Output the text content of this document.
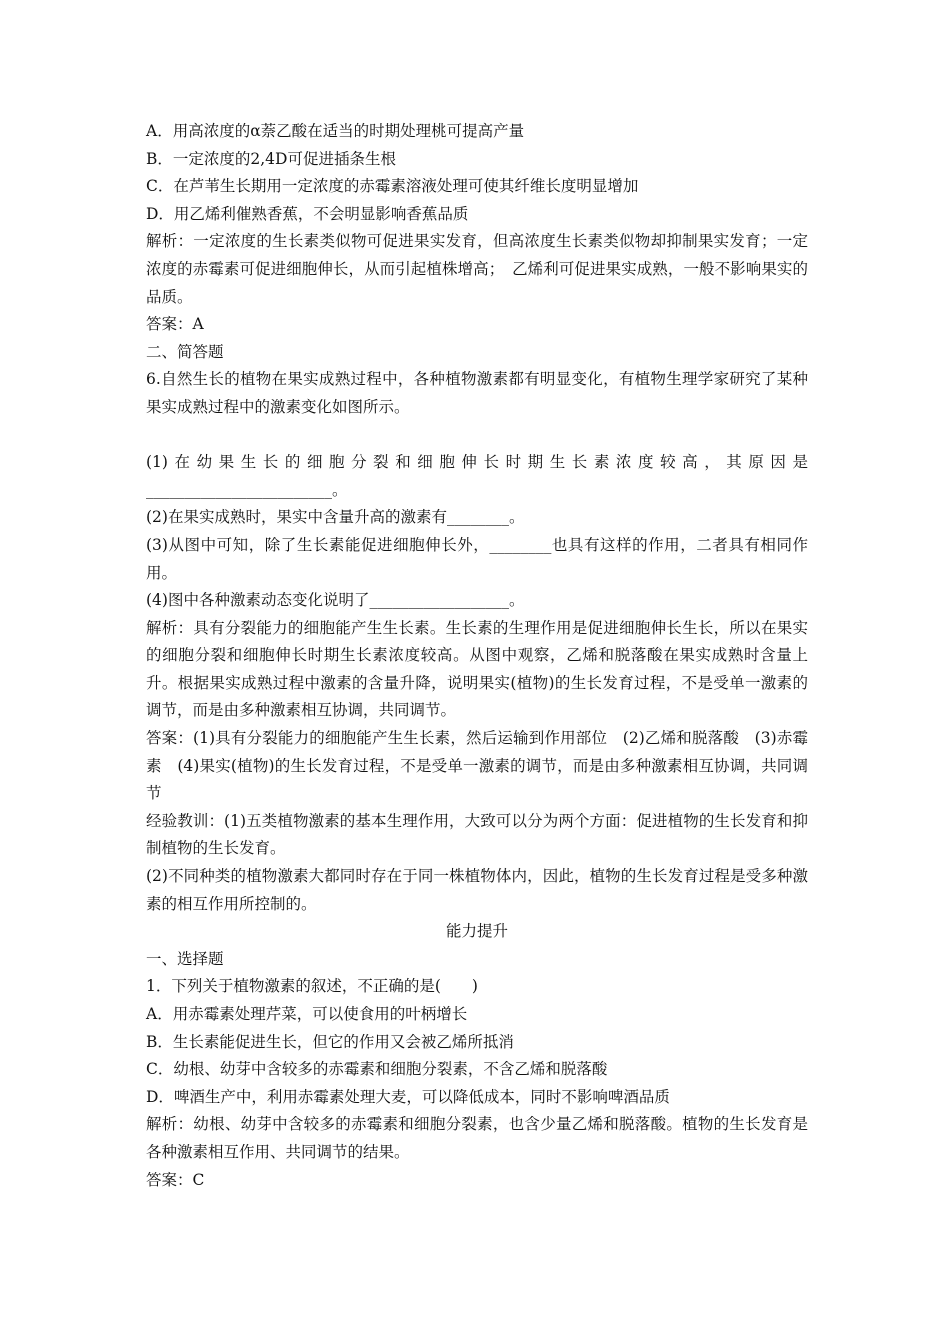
A．用高浓度的α萘乙酸在适当的时期处理桃可提高产量
B．一定浓度的2,4D可促进插条生根
C．在芦苇生长期用一定浓度的赤霉素溶液处理可使其纤维长度明显增加
D．用乙烯利催熟香蕉，不会明显影响香蕉品质
解析：一定浓度的生长素类似物可促进果实发育，但高浓度生长素类似物却抑制果实发育；一定浓度的赤霉素可促进细胞伸长，从而引起植株增高；　乙烯利可促进果实成熟，一般不影响果实的品质。
答案：A
二、简答题
6.自然生长的植物在果实成熟过程中，各种植物激素都有明显变化，有植物生理学家研究了某种果实成熟过程中的激素变化如图所示。
(1)在幼果生长的细胞分裂和细胞伸长时期生长素浓度较高，其原因是________________________。
(2)在果实成熟时，果实中含量升高的激素有________。
(3)从图中可知，除了生长素能促进细胞伸长外，________也具有这样的作用，二者具有相同作用。
(4)图中各种激素动态变化说明了__________________。
解析：具有分裂能力的细胞能产生生长素。生长素的生理作用是促进细胞伸长生长，所以在果实的细胞分裂和细胞伸长时期生长素浓度较高。从图中观察，乙烯和脱落酸在果实成熟时含量上升。根据果实成熟过程中激素的含量升降，说明果实(植物)的生长发育过程，不是受单一激素的调节，而是由多种激素相互协调，共同调节。
答案：(1)具有分裂能力的细胞能产生生长素，然后运输到作用部位　(2)乙烯和脱落酸　(3)赤霉素　(4)果实(植物)的生长发育过程，不是受单一激素的调节，而是由多种激素相互协调，共同调节
经验教训：(1)五类植物激素的基本生理作用，大致可以分为两个方面：促进植物的生长发育和抑制植物的生长发育。
(2)不同种类的植物激素大都同时存在于同一株植物体内，因此，植物的生长发育过程是受多种激素的相互作用所控制的。
能力提升
一、选择题
1．下列关于植物激素的叙述，不正确的是(　　)
A．用赤霉素处理芹菜，可以使食用的叶柄增长
B．生长素能促进生长，但它的作用又会被乙烯所抵消
C．幼根、幼芽中含较多的赤霉素和细胞分裂素，不含乙烯和脱落酸
D．啤酒生产中，利用赤霉素处理大麦，可以降低成本，同时不影响啤酒品质
解析：幼根、幼芽中含较多的赤霉素和细胞分裂素，也含少量乙烯和脱落酸。植物的生长发育是各种激素相互作用、共同调节的结果。
答案：C
